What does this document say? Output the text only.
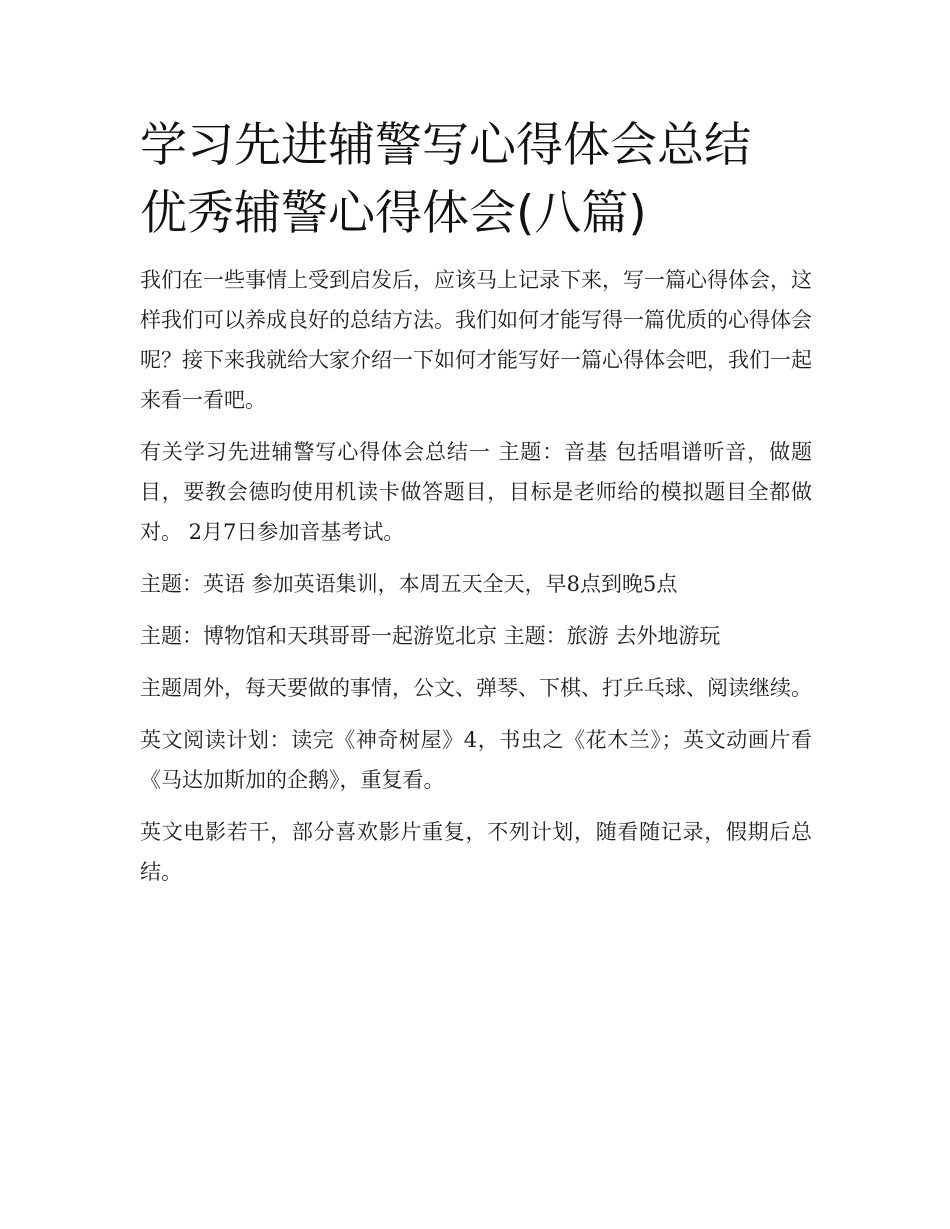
学习先进辅警写心得体会总结
优秀辅警心得体会(八篇)

我们在一些事情上受到启发后，应该马上记录下来，写一篇心得体会，这样我们可以养成良好的总结方法。我们如何才能写得一篇优质的心得体会呢？接下来我就给大家介绍一下如何才能写好一篇心得体会吧，我们一起来看一看吧。

有关学习先进辅警写心得体会总结一 主题：音基 包括唱谱听音，做题目，要教会德昀使用机读卡做答题目，目标是老师给的模拟题目全都做对。 2月7日参加音基考试。

主题：英语 参加英语集训，本周五天全天，早8点到晚5点

主题：博物馆和天琪哥哥一起游览北京 主题：旅游 去外地游玩

主题周外，每天要做的事情，公文、弹琴、下棋、打乒乓球、阅读继续。

英文阅读计划：读完《神奇树屋》4，书虫之《花木兰》；英文动画片看《马达加斯加的企鹅》，重复看。

英文电影若干，部分喜欢影片重复，不列计划，随看随记录，假期后总结。
